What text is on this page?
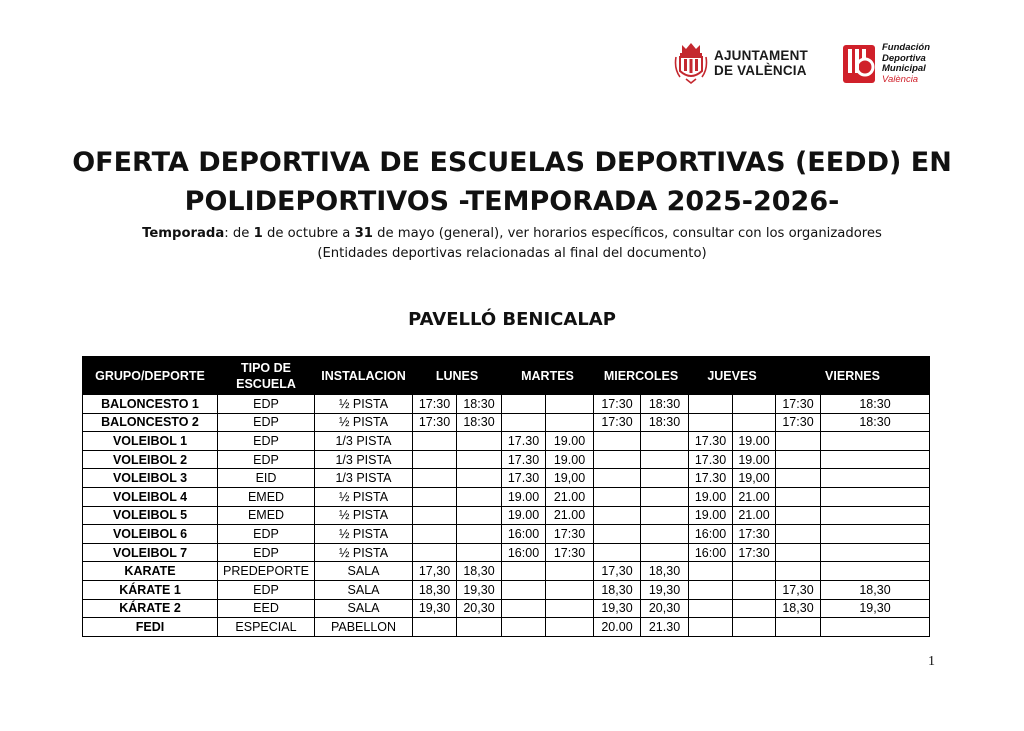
AJUNTAMENT
DE VALÈNCIA
Fundación
Deportiva
Municipal
València
OFERTA DEPORTIVA DE ESCUELAS DEPORTIVAS (EEDD) EN
POLIDEPORTIVOS -TEMPORADA 2025-2026-
Temporada: de 1 de octubre a 31 de mayo (general), ver horarios específicos, consultar con los organizadores
(Entidades deportivas relacionadas al final del documento)
PAVELLÓ BENICALAP
GRUPO/DEPORTE	TIPO DE ESCUELA	INSTALACION	LUNES		MARTES		MIERCOLES		JUEVES		VIERNES	
BALONCESTO 1	EDP	½ PISTA	17:30	18:30			17:30	18:30			17:30	18:30
BALONCESTO 2	EDP	½ PISTA	17:30	18:30			17:30	18:30			17:30	18:30
VOLEIBOL 1	EDP	1/3 PISTA			17.30	19.00			17.30	19.00		
VOLEIBOL 2	EDP	1/3 PISTA			17.30	19.00			17.30	19.00		
VOLEIBOL 3	EID	1/3 PISTA			17.30	19,00			17.30	19,00		
VOLEIBOL 4	EMED	½ PISTA			19.00	21.00			19.00	21.00		
VOLEIBOL 5	EMED	½ PISTA			19.00	21.00			19.00	21.00		
VOLEIBOL 6	EDP	½ PISTA			16:00	17:30			16:00	17:30		
VOLEIBOL 7	EDP	½ PISTA			16:00	17:30			16:00	17:30		
KARATE	PREDEPORTE	SALA	17,30	18,30			17,30	18,30				
KÁRATE 1	EDP	SALA	18,30	19,30			18,30	19,30			17,30	18,30
KÁRATE 2	EED	SALA	19,30	20,30			19,30	20,30			18,30	19,30
FEDI	ESPECIAL	PABELLON					20.00	21.30				
1
